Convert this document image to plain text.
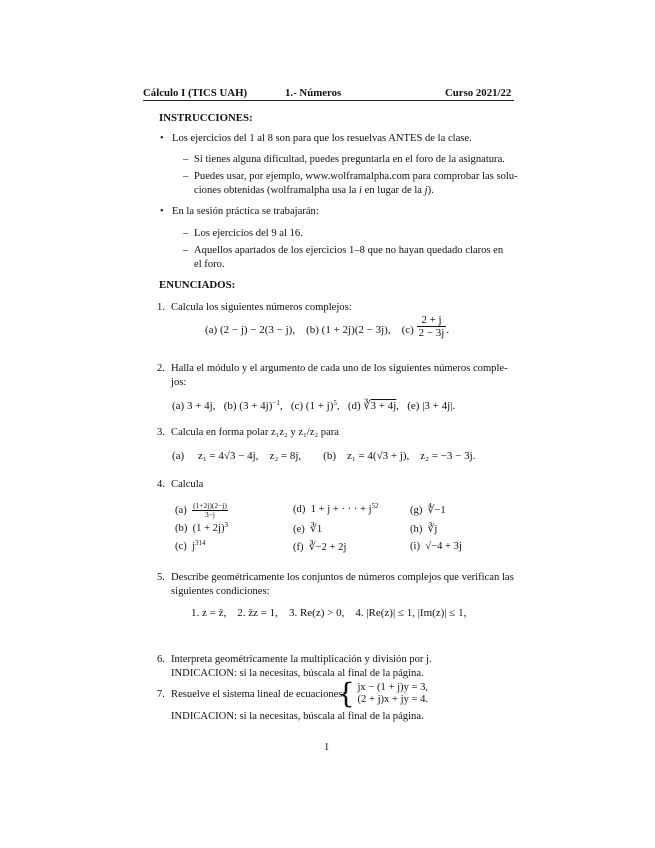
Cálculo I (TICS UAH)	1.- Números	Curso 2021/22
INSTRUCCIONES:
• Los ejercicios del 1 al 8 son para que los resuelvas ANTES de la clase.
– Si tienes alguna dificultad, puedes preguntarla en el foro de la asignatura.
– Puedes usar, por ejemplo, www.wolframalpha.com para comprobar las solu-
ciones obtenidas (wolframalpha usa la i en lugar de la j).
• En la sesión práctica se trabajarán:
– Los ejercicios del 9 al 16.
– Aquellos apartados de los ejercicios 1–8 que no hayan quedado claros en
el foro.
ENUNCIADOS:
1. Calcula los siguientes números complejos:
(a) (2 − j) − 2(3 − j), (b) (1 + 2j)(2 − 3j), $(c) \frac{2 + j}{2 - 3j}$ .
2. Halla el módulo y el argumento de cada uno de los siguientes números comple-
jos:
(a) 3 + 4j, (b) $(3 + 4j)^{-1}$, (c) $(1 + j)^5$, (d) ∛3 + 4j, (e) |3 + 4j|.
3. Calcula en forma polar z₁z₂ y z₁/z₂ para
(a) z₁ = 4√3 − 4j, z₂ = 8j, (b) z₁ = 4(√3 + j), z₂ = −3 − 3j.
4. Calcula
$(a) \frac{(1+2j)(2-j)}{3-j}$
(b) $(1 + 2j)^3$
(c) $j^{314}$
(d) 1 + j + · · · + $j^{52}$
(e) ∛1
(f) ∛−2 + 2j
(g) ∜−1
(h) ∛j
(i) √−4 + 3j
5. Describe geométricamente los conjuntos de números complejos que verifican las
siguientes condiciones:
1. z = z̄, 2. z̄z = 1, 3. Re(z) > 0, 4. |Re(z)| ≤ 1, |Im(z)| ≤ 1,
6. Interpreta geométricamente la multiplicación y división por j.
INDICACION: si la necesitas, búscala al final de la página.
7. Resuelve el sistema lineal de ecuaciones:
{ jx − (1 + j)y = 3,
(2 + j)x + jy = 4.
INDICACION: si la necesitas, búscala al final de la página.
1
